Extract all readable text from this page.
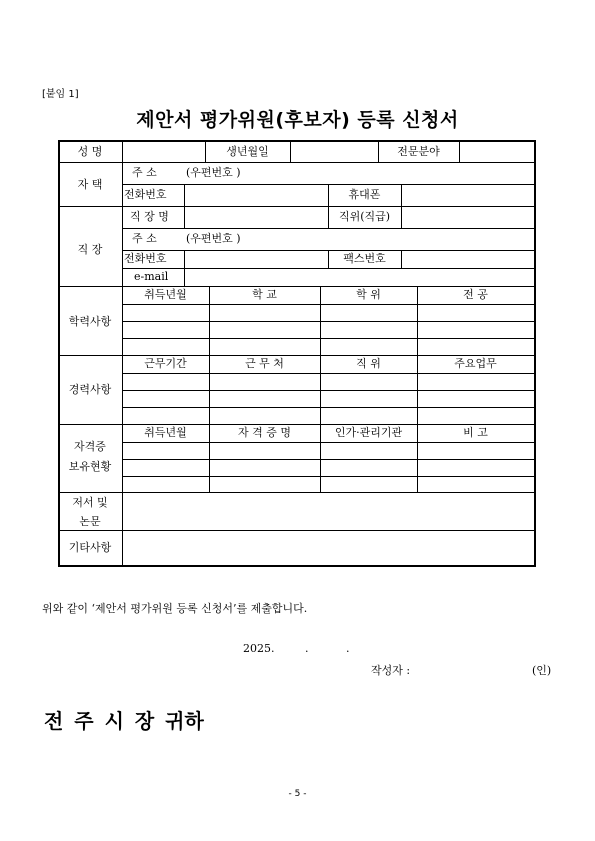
[붙임 1]
제안서 평가위원(후보자) 등록 신청서
성 명	생년월일	전문분야
자 택
주 소	(우편번호 )
전화번호	휴대폰
직 장
직 장 명	직위(직급)
주 소	(우편번호 )
전화번호	팩스번호
e-mail
학력사항
취득년월	학 교	학 위	전 공
경력사항
근무기간	근 무 처	직 위	주요업무
자격증
보유현황
취득년월	자 격 증 명	인가·관리기관	비 고
저서 및
논문
기타사항
위와 같이 ‘제안서 평가위원 등록 신청서’를 제출합니다.
2025.	.	.
작성자 :	(인)
전 주 시 장 귀하
- 5 -
